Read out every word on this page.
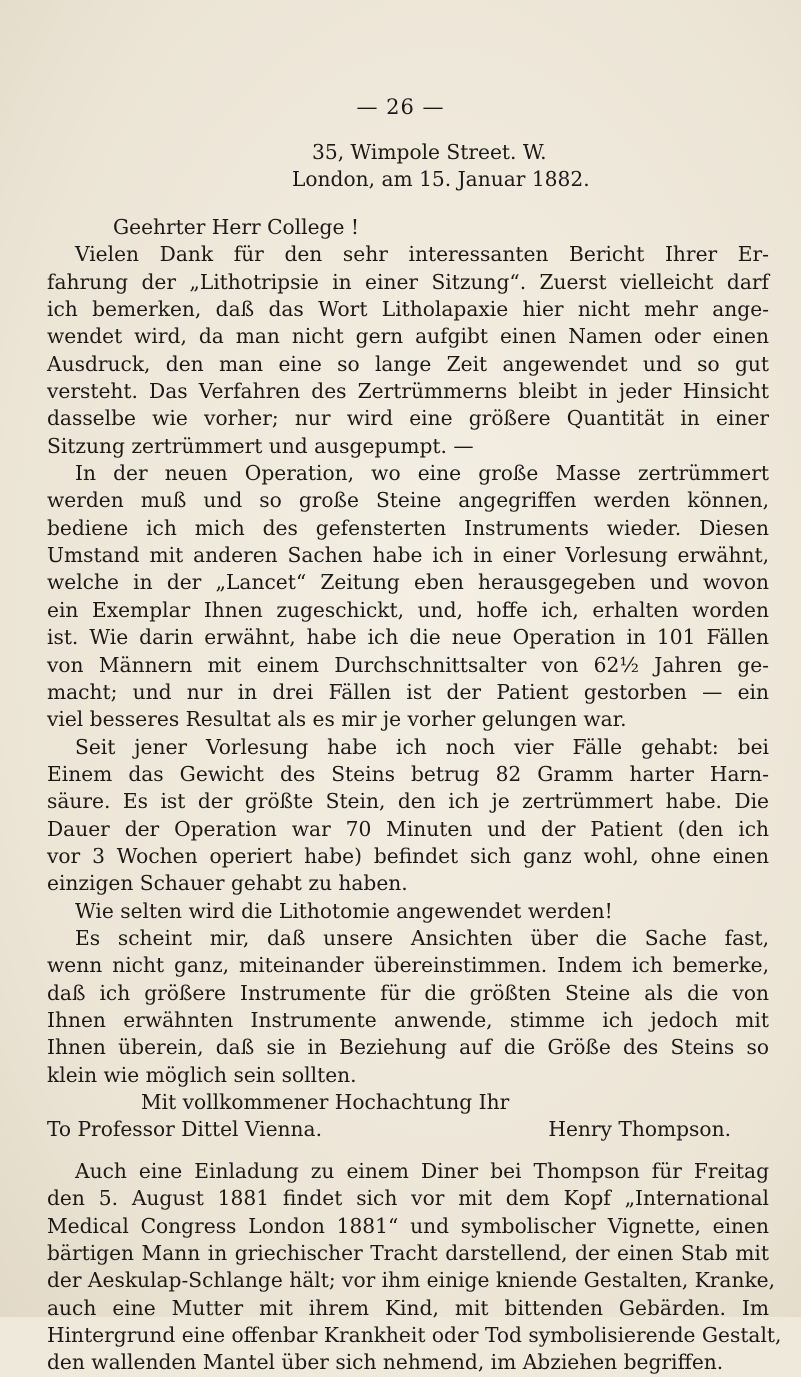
— 26 —
35, Wimpole Street. W.
London, am 15. Januar 1882.
Geehrter Herr College !
Vielen Dank für den sehr interessanten Bericht Ihrer Er-
fahrung der „Lithotripsie in einer Sitzung“. Zuerst vielleicht darf
ich bemerken, daß das Wort Litholapaxie hier nicht mehr ange-
wendet wird, da man nicht gern aufgibt einen Namen oder einen
Ausdruck, den man eine so lange Zeit angewendet und so gut
versteht. Das Verfahren des Zertrümmerns bleibt in jeder Hinsicht
dasselbe wie vorher; nur wird eine größere Quantität in einer
Sitzung zertrümmert und ausgepumpt. —
In der neuen Operation, wo eine große Masse zertrümmert
werden muß und so große Steine angegriffen werden können,
bediene ich mich des gefensterten Instruments wieder. Diesen
Umstand mit anderen Sachen habe ich in einer Vorlesung erwähnt,
welche in der „Lancet“ Zeitung eben herausgegeben und wovon
ein Exemplar Ihnen zugeschickt, und, hoffe ich, erhalten worden
ist. Wie darin erwähnt, habe ich die neue Operation in 101 Fällen
von Männern mit einem Durchschnittsalter von 62½ Jahren ge-
macht; und nur in drei Fällen ist der Patient gestorben — ein
viel besseres Resultat als es mir je vorher gelungen war.
Seit jener Vorlesung habe ich noch vier Fälle gehabt: bei
Einem das Gewicht des Steins betrug 82 Gramm harter Harn-
säure. Es ist der größte Stein, den ich je zertrümmert habe. Die
Dauer der Operation war 70 Minuten und der Patient (den ich
vor 3 Wochen operiert habe) befindet sich ganz wohl, ohne einen
einzigen Schauer gehabt zu haben.
Wie selten wird die Lithotomie angewendet werden!
Es scheint mir, daß unsere Ansichten über die Sache fast,
wenn nicht ganz, miteinander übereinstimmen. Indem ich bemerke,
daß ich größere Instrumente für die größten Steine als die von
Ihnen erwähnten Instrumente anwende, stimme ich jedoch mit
Ihnen überein, daß sie in Beziehung auf die Größe des Steins so
klein wie möglich sein sollten.
Mit vollkommener Hochachtung Ihr
To Professor Dittel Vienna.	Henry Thompson.
Auch eine Einladung zu einem Diner bei Thompson für Freitag
den 5. August 1881 findet sich vor mit dem Kopf „International
Medical Congress London 1881“ und symbolischer Vignette, einen
bärtigen Mann in griechischer Tracht darstellend, der einen Stab mit
der Aeskulap-Schlange hält; vor ihm einige kniende Gestalten, Kranke,
auch eine Mutter mit ihrem Kind, mit bittenden Gebärden. Im
Hintergrund eine offenbar Krankheit oder Tod symbolisierende Gestalt,
den wallenden Mantel über sich nehmend, im Abziehen begriffen.
